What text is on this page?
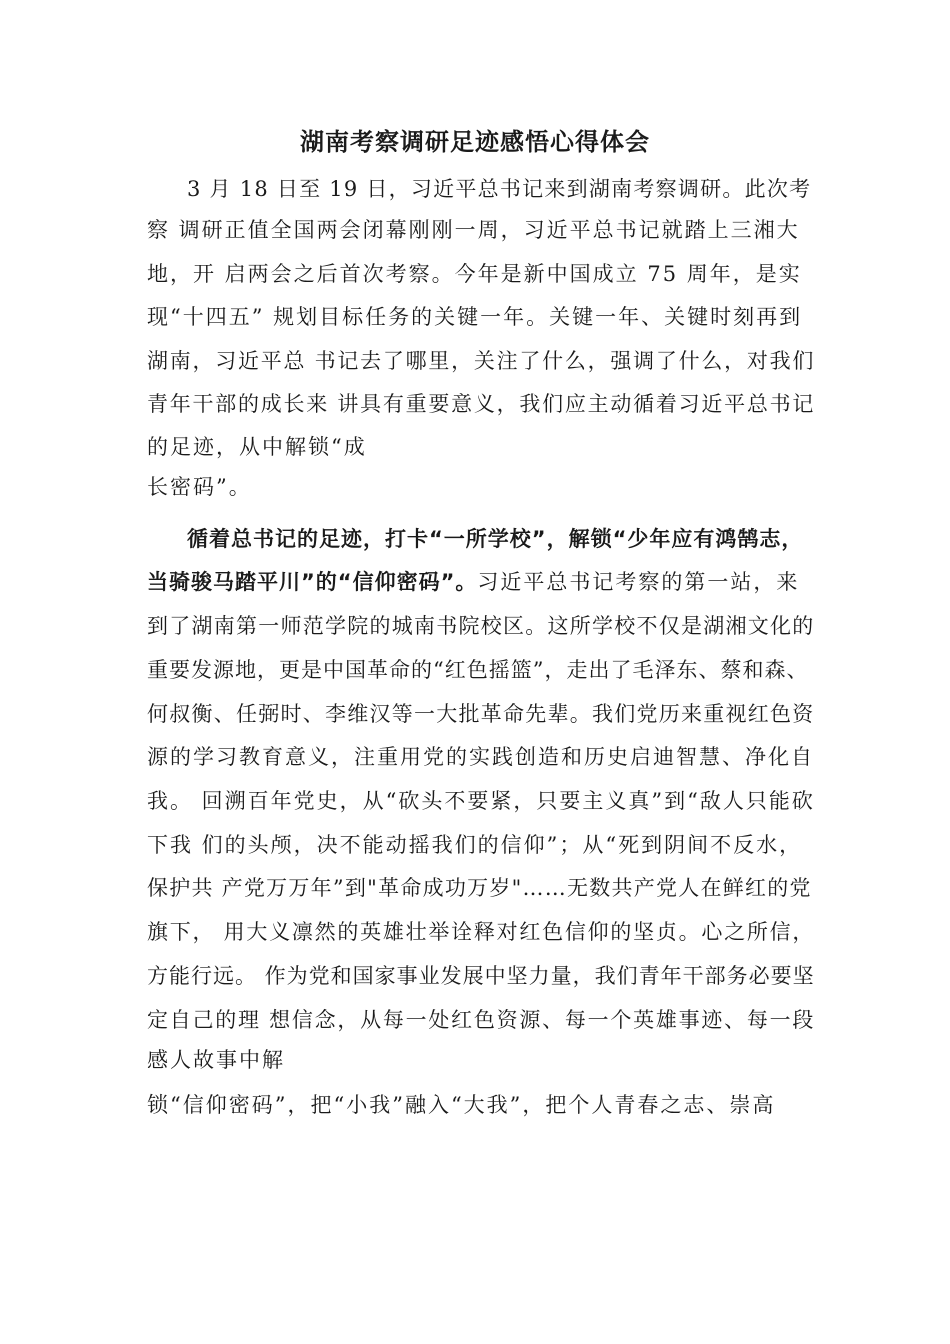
湖南考察调研足迹感悟心得体会
3 月 18 日至 19 日，习近平总书记来到湖南考察调研。此次考
察 调研正值全国两会闭幕刚刚一周，习近平总书记就踏上三湘大
地，开 启两会之后首次考察。今年是新中国成立 75 周年，是实
现“十四五” 规划目标任务的关键一年。关键一年、关键时刻再到
湖南，习近平总 书记去了哪里，关注了什么，强调了什么，对我们
青年干部的成长来 讲具有重要意义，我们应主动循着习近平总书记
的足迹，从中解锁“成
长密码”。
循着总书记的足迹，打卡“一所学校”，解锁“少年应有鸿鹄志，
当骑骏马踏平川”的“信仰密码”。习近平总书记考察的第一站，来
到了湖南第一师范学院的城南书院校区。这所学校不仅是湖湘文化的
重要发源地，更是中国革命的“红色摇篮”，走出了毛泽东、蔡和森、
何叔衡、任弼时、李维汉等一大批革命先辈。我们党历来重视红色资
源的学习教育意义，注重用党的实践创造和历史启迪智慧、净化自
我。 回溯百年党史，从“砍头不要紧，只要主义真”到“敌人只能砍
下我 们的头颅，决不能动摇我们的信仰”；从“死到阴间不反水，
保护共 产党万万年”到"革命成功万岁"……无数共产党人在鲜红的党
旗下， 用大义凛然的英雄壮举诠释对红色信仰的坚贞。心之所信，
方能行远。 作为党和国家事业发展中坚力量，我们青年干部务必要坚
定自己的理 想信念，从每一处红色资源、每一个英雄事迹、每一段
感人故事中解
锁“信仰密码”，把“小我”融入“大我”，把个人青春之志、崇高
